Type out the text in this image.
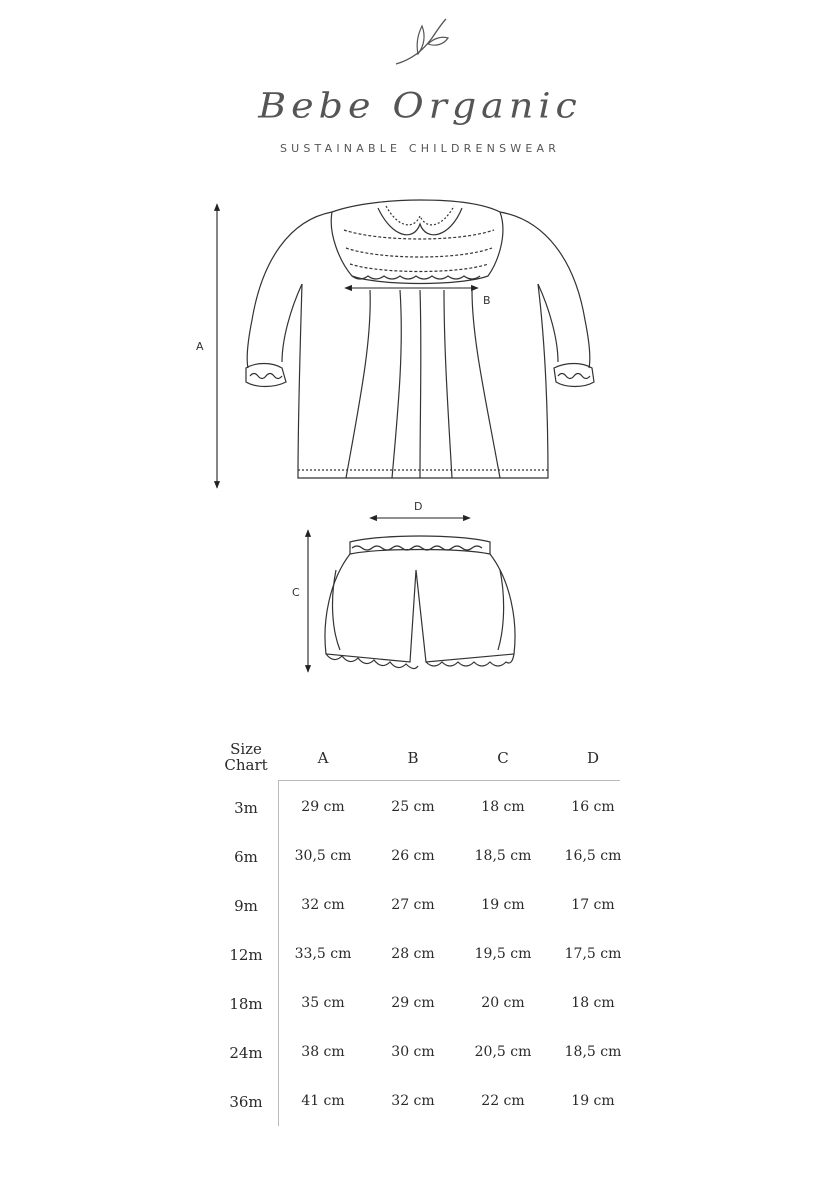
Bebe Organic
SUSTAINABLE CHILDRENSWEAR
A
B
C
D
Size
Chart	A	B	C	D
3m	29 cm	25 cm	18 cm	16 cm
6m	30,5 cm	26 cm	18,5 cm	16,5 cm
9m	32 cm	27 cm	19 cm	17 cm
12m	33,5 cm	28 cm	19,5 cm	17,5 cm
18m	35 cm	29 cm	20 cm	18 cm
24m	38 cm	30 cm	20,5 cm	18,5 cm
36m	41 cm	32 cm	22 cm	19 cm
